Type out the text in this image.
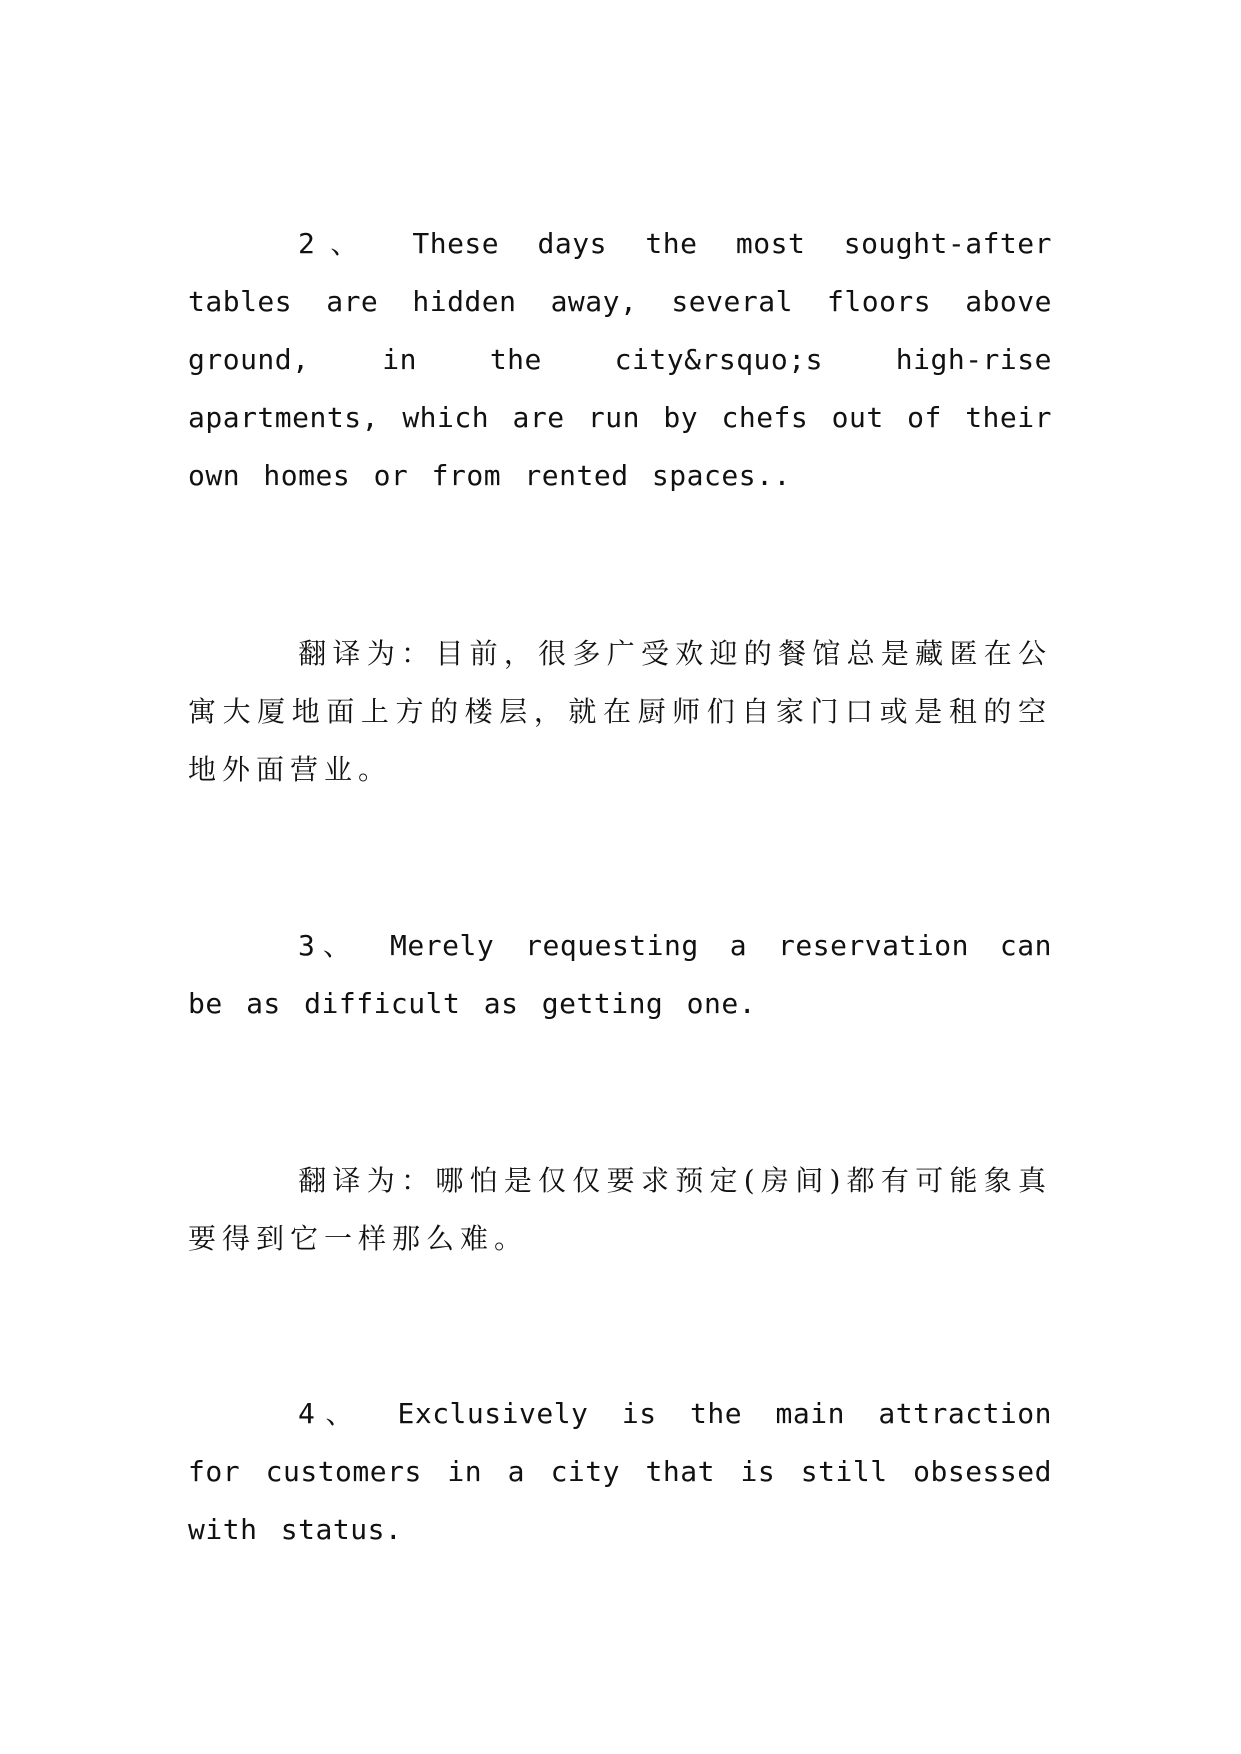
2、 These days the most sought-after tables are hidden away, several floors above ground, in the city&rsquo;s high-rise apartments, which are run by chefs out of their own homes or from rented spaces..

翻译为：目前，很多广受欢迎的餐馆总是藏匿在公寓大厦地面上方的楼层，就在厨师们自家门口或是租的空地外面营业。

3、 Merely requesting a reservation can be as difficult as getting one.

翻译为：哪怕是仅仅要求预定(房间)都有可能象真要得到它一样那么难。

4、 Exclusively is the main attraction for customers in a city that is still obsessed with status.
